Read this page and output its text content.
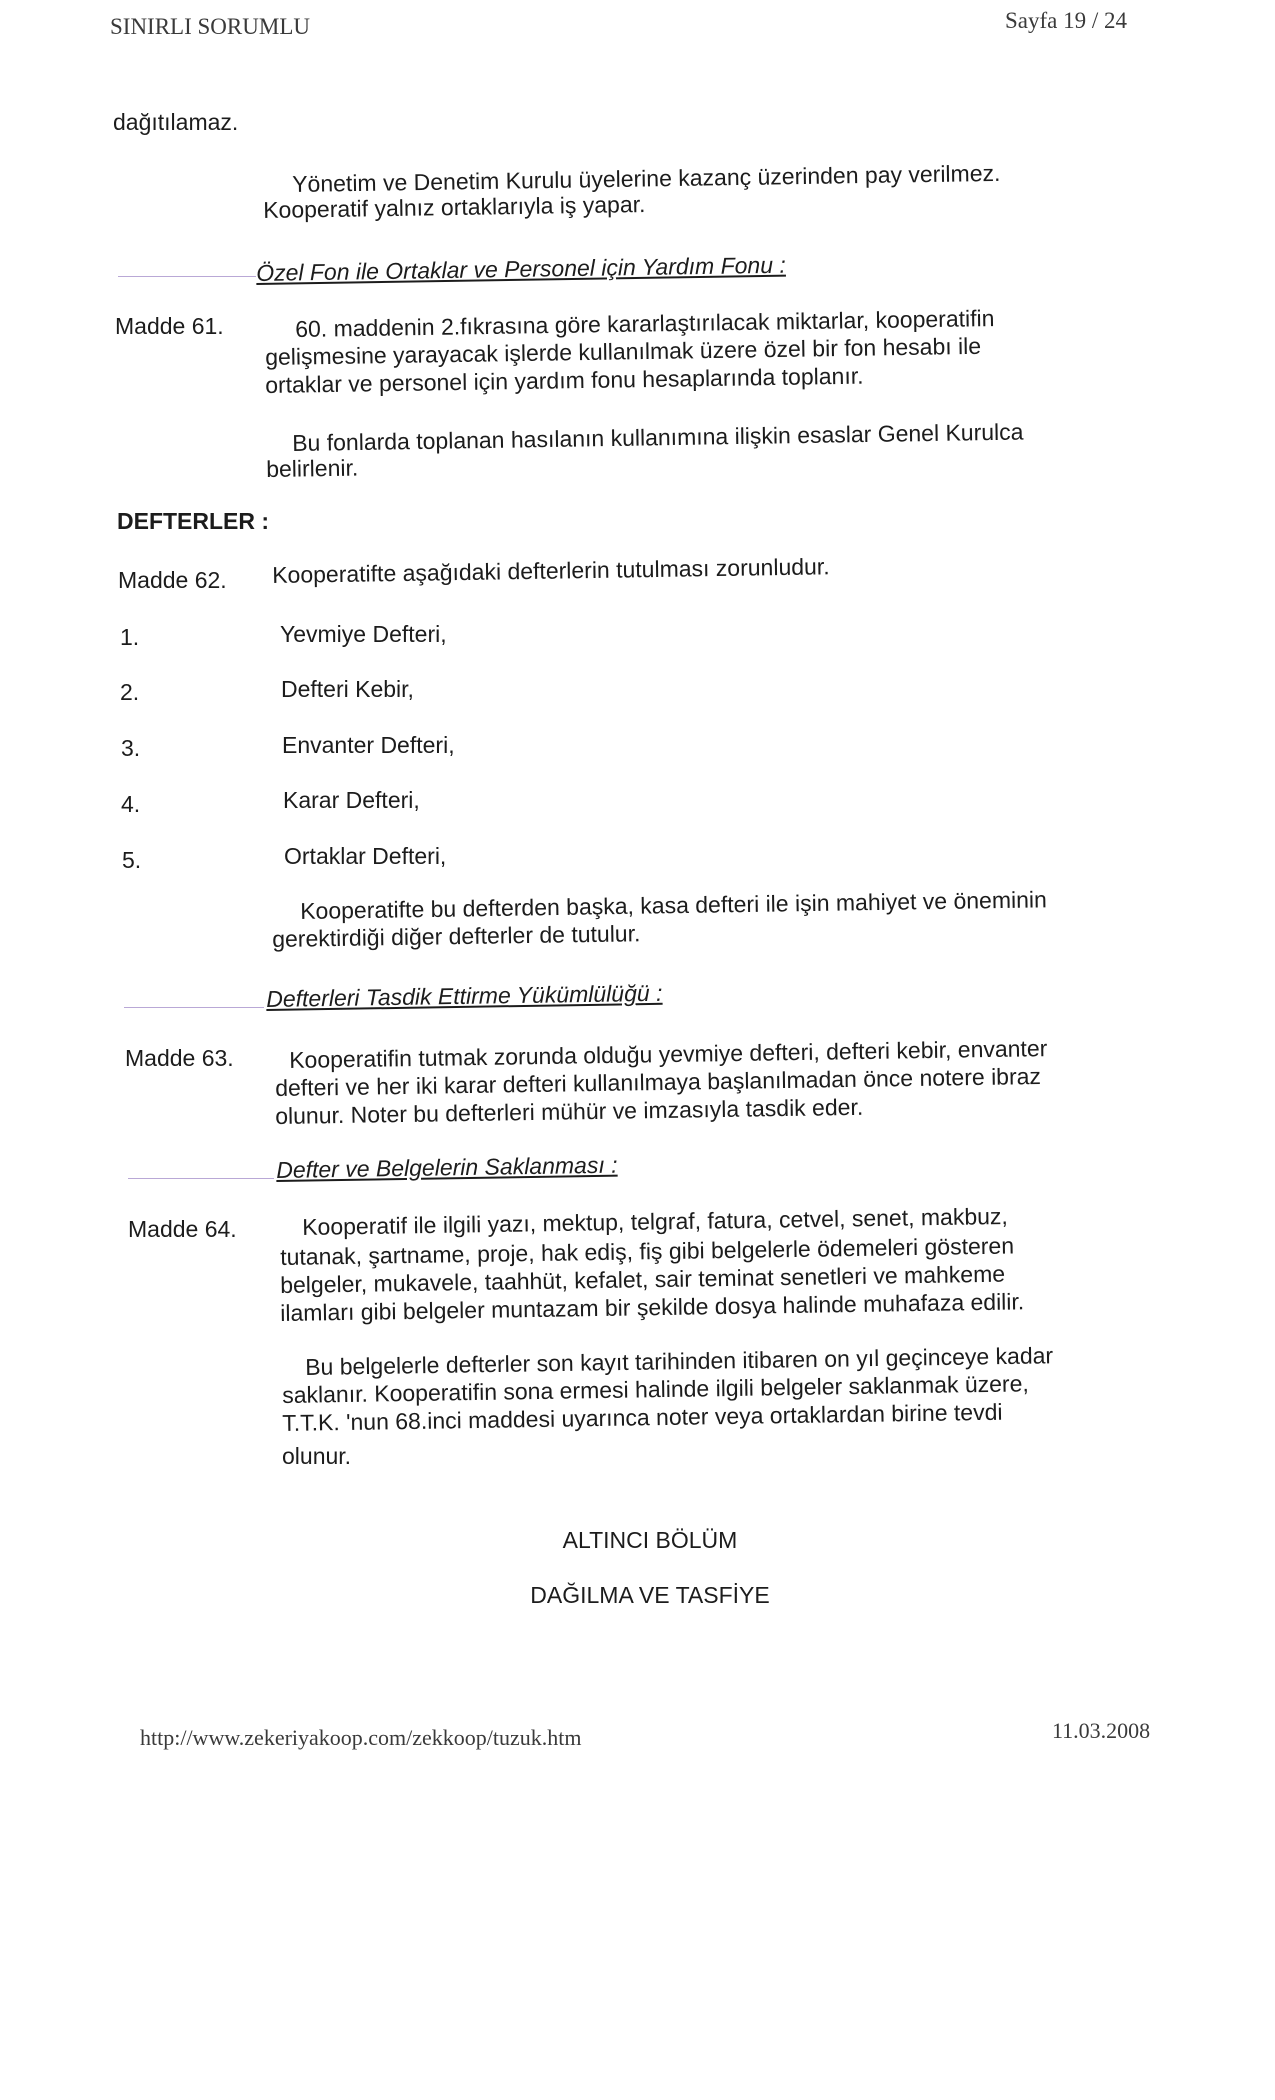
SINIRLI SORUMLU	Sayfa 19 / 24
dağıtılamaz.
Yönetim ve Denetim Kurulu üyelerine kazanç üzerinden pay verilmez.
Kooperatif yalnız ortaklarıyla iş yapar.
Özel Fon ile Ortaklar ve Personel için Yardım Fonu :
Madde 61.	60. maddenin 2.fıkrasına göre kararlaştırılacak miktarlar, kooperatifin
gelişmesine yarayacak işlerde kullanılmak üzere özel bir fon hesabı ile
ortaklar ve personel için yardım fonu hesaplarında toplanır.
Bu fonlarda toplanan hasılanın kullanımına ilişkin esaslar Genel Kurulca
belirlenir.
DEFTERLER :
Madde 62. Kooperatifte aşağıdaki defterlerin tutulması zorunludur.
1.	Yevmiye Defteri,
2.	Defteri Kebir,
3.	Envanter Defteri,
4.	Karar Defteri,
5.	Ortaklar Defteri,
Kooperatifte bu defterden başka, kasa defteri ile işin mahiyet ve öneminin
gerektirdiği diğer defterler de tutulur.
Defterleri Tasdik Ettirme Yükümlülüğü :
Madde 63. Kooperatifin tutmak zorunda olduğu yevmiye defteri, defteri kebir, envanter
defteri ve her iki karar defteri kullanılmaya başlanılmadan önce notere ibraz
olunur. Noter bu defterleri mühür ve imzasıyla tasdik eder.
Defter ve Belgelerin Saklanması :
Madde 64.	Kooperatif ile ilgili yazı, mektup, telgraf, fatura, cetvel, senet, makbuz,
tutanak, şartname, proje, hak ediş, fiş gibi belgelerle ödemeleri gösteren
belgeler, mukavele, taahhüt, kefalet, sair teminat senetleri ve mahkeme
ilamları gibi belgeler muntazam bir şekilde dosya halinde muhafaza edilir.
Bu belgelerle defterler son kayıt tarihinden itibaren on yıl geçinceye kadar
saklanır. Kooperatifin sona ermesi halinde ilgili belgeler saklanmak üzere,
T.T.K. 'nun 68.inci maddesi uyarınca noter veya ortaklardan birine tevdi
olunur.
ALTINCI BÖLÜM
DAĞILMA VE TASFİYE
http://www.zekeriyakoop.com/zekkoop/tuzuk.htm	11.03.2008
